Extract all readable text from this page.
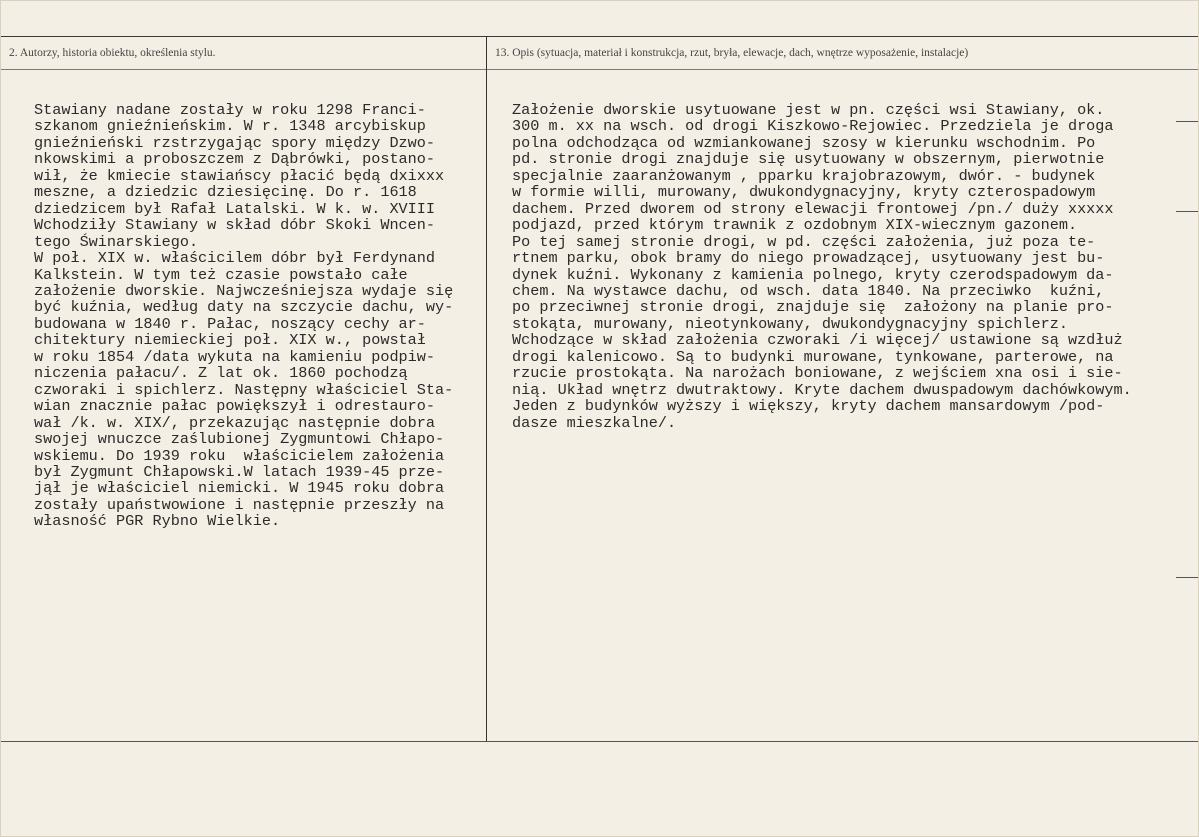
2. Autorzy, historia obiektu, określenia stylu.	13. Opis (sytuacja, materiał i konstrukcja, rzut, bryła, elewacje, dach, wnętrze wyposażenie, instalacje)
Stawiany nadane zostały w roku 1298 Franci-
szkanom gnieźnieńskim. W r. 1348 arcybiskup
gnieźnieński rzstrzygając spory między Dzwo-
nkowskimi a proboszczem z Dąbrówki, postano-
wił, że kmiecie stawiańscy płacić będą dxixxx
meszne, a dziedzic dziesięcinę. Do r. 1618
dziedzicem był Rafał Latalski. W k. w. XVIII
Wchodziły Stawiany w skład dóbr Skoki Wncen-
tego Świnarskiego.
W poł. XIX w. właścicilem dóbr był Ferdynand
Kalkstein. W tym też czasie powstało całe
założenie dworskie. Najwcześniejsza wydaje się
być kuźnia, według daty na szczycie dachu, wy-
budowana w 1840 r. Pałac, noszący cechy ar-
chitektury niemieckiej poł. XIX w., powstał
w roku 1854 /data wykuta na kamieniu podpiw-
niczenia pałacu/. Z lat ok. 1860 pochodzą
czworaki i spichlerz. Następny właściciel Sta-
wian znacznie pałac powiększył i odrestauro-
wał /k. w. XIX/, przekazując następnie dobra
swojej wnuczce zaślubionej Zygmuntowi Chłapo-
wskiemu. Do 1939 roku  właścicielem założenia
był Zygmunt Chłapowski.W latach 1939-45 prze-
jął je właściciel niemicki. W 1945 roku dobra
zostały upaństwowione i następnie przeszły na
własność PGR Rybno Wielkie.
Założenie dworskie usytuowane jest w pn. części wsi Stawiany, ok.
300 m. xx na wsch. od drogi Kiszkowo-Rejowiec. Przedziela je droga
polna odchodząca od wzmiankowanej szosy w kierunku wschodnim. Po
pd. stronie drogi znajduje się usytuowany w obszernym, pierwotnie
specjalnie zaaranżowanym , pparku krajobrazowym, dwór. - budynek
w formie willi, murowany, dwukondygnacyjny, kryty czterospadowym
dachem. Przed dworem od strony elewacji frontowej /pn./ duży xxxxx
podjazd, przed którym trawnik z ozdobnym XIX-wiecznym gazonem.
Po tej samej stronie drogi, w pd. części założenia, już poza te-
rtnem parku, obok bramy do niego prowadzącej, usytuowany jest bu-
dynek kuźni. Wykonany z kamienia polnego, kryty czerodspadowym da-
chem. Na wystawce dachu, od wsch. data 1840. Na przeciwko  kuźni,
po przeciwnej stronie drogi, znajduje się  założony na planie pro-
stokąta, murowany, nieotynkowany, dwukondygnacyjny spichlerz.
Wchodzące w skład założenia czworaki /i więcej/ ustawione są wzdłuż
drogi kalenicowo. Są to budynki murowane, tynkowane, parterowe, na
rzucie prostokąta. Na narożach boniowane, z wejściem xna osi i sie-
nią. Układ wnętrz dwutraktowy. Kryte dachem dwuspadowym dachówkowym.
Jeden z budynków wyższy i większy, kryty dachem mansardowym /pod-
dasze mieszkalne/.
